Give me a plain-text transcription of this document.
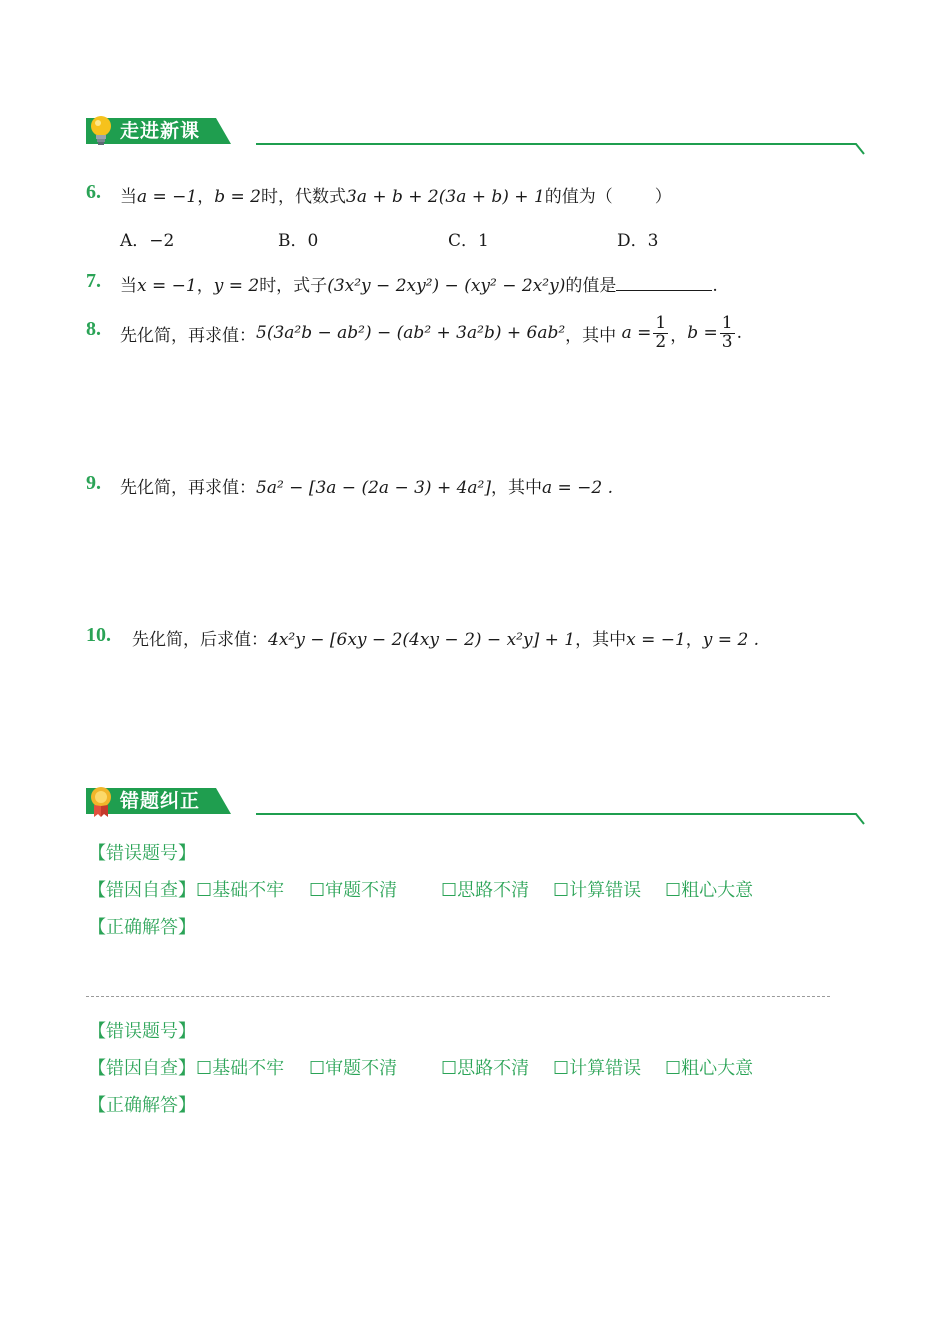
走进新课
6. 当a = −1，b = 2时，代数式3a + b + 2(3a + b) + 1的值为（ ）
A．−2	B．0	C．1	D．3
7. 当x = −1，y = 2时，式子(3x²y − 2xy²) − (xy² − 2x²y)的值是	.
8. 先化简，再求值： 5(3a²b − ab²) − (ab² + 3a²b) + 6ab² ，其中
$a = \frac{1}{2}$ ， $b = \frac{1}{3}$ .
9. 先化简，再求值：5a² − [3a − (2a − 3) + 4a²]，其中a = −2 .
10. 先化简，后求值：4x²y − [6xy − 2(4xy − 2) − x²y] + 1，其中x = −1，y = 2 .
错题纠正
【错误题号】
【错因自查】☐基础不牢 ☐审题不清 ☐思路不清 ☐计算错误 ☐粗心大意
【正确解答】
【错误题号】
【错因自查】☐基础不牢 ☐审题不清 ☐思路不清 ☐计算错误 ☐粗心大意
【正确解答】
